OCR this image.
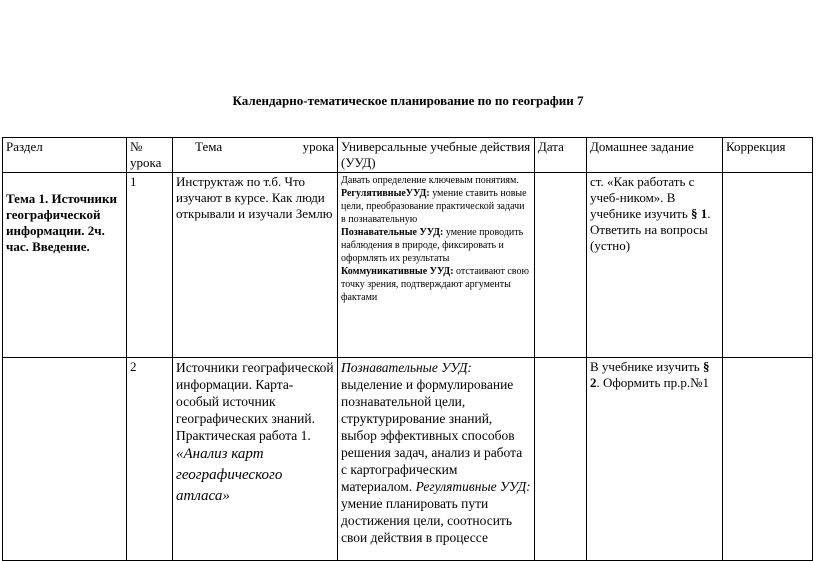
Календарно-тематическое планирование по по географии 7
Раздел	№ урока	Тема урока	Универсальные учебные действия (УУД)	Дата	Домашнее задание	Коррекция
Тема 1. Источники географической информации. 2ч. час. Введение.	1	Инструктаж по т.б. Что изучают в курсе. Как люди открывали и изучали Землю	Давать определение ключевым понятиям.
РегулятивныеУУД: умение ставить новые цели, преобразование практической задачи в познавательную
Познавательные УУД: умение проводить наблюдения в природе, фиксировать и оформлять их результаты
Коммуникативные УУД: отстаивают свою точку зрения, подтверждают аргументы фактами		ст. «Как работать с учеб-ником». В учебнике изучить § 1. Ответить на вопросы (устно)	
	2	Источники географической информации. Карта- особый источник географических знаний. Практическая работа 1. «Анализ карт географического атласа»	Познавательные УУД: выделение и формулирование познавательной цели, структурирование знаний, выбор эффективных способов решения задач, анализ и работа с картографическим материалом. Регулятивные УУД: умение планировать пути достижения цели, соотносить свои действия в процессе		В учебнике изучить § 2. Оформить пр.р.№1	
